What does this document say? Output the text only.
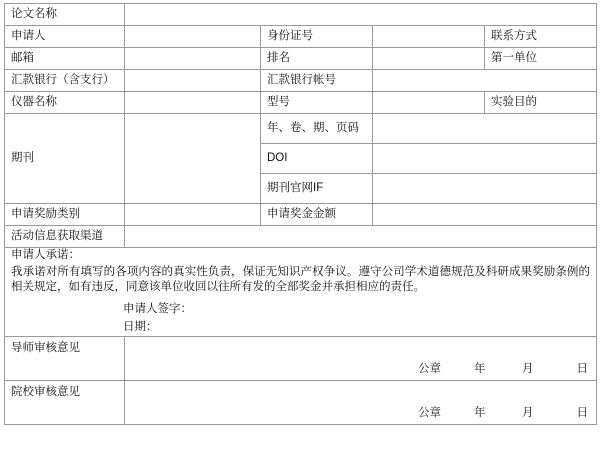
论文名称				
申请人		身份证号		联系方式
邮箱		排名		第一单位
汇款银行（含支行）		汇款银行帐号		
仪器名称		型号		实验目的
期刊		年、卷、期、页码		
		DOI		
		期刊官网IF		
申请奖励类别		申请奖金金额		
活动信息获取渠道				

申请人承诺：
我承诺对所有填写的各项内容的真实性负责，保证无知识产权争议。遵守公司学术道德规范及科研成果奖励条例的相关规定，如有违反，同意该单位收回以往所有发的全部奖金并承担相应的责任。
申请人签字：
日期：				

导师审核意见	公章 年 月 日			

院校审核意见	公章 年 月 日			
